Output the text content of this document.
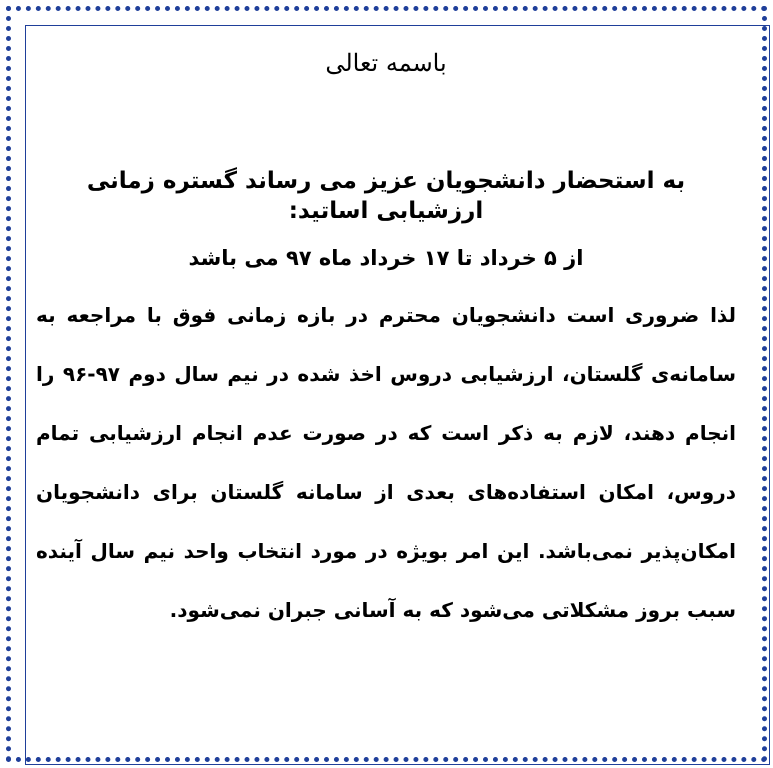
باسمه تعالی

به استحضار دانشجویان عزیز می رساند گستره زمانی ارزشیابی اساتید:

از ۵ خرداد تا ۱۷ خرداد ماه ۹۷ می باشد

لذا ضروری است دانشجویان محترم در بازه زمانی فوق با مراجعه به سامانه‌ی گلستان، ارزشیابی دروس اخذ شده در نیم سال دوم ۹۷-۹۶ را انجام دهند، لازم به ذکر است که در صورت عدم انجام ارزشیابی تمام دروس، امکان استفاده‌های بعدی از سامانه گلستان برای دانشجویان امکان‌پذیر نمی‌باشد. این امر بویژه در مورد انتخاب واحد نیم سال آینده سبب بروز مشکلاتی می‌شود که به آسانی جبران نمی‌شود.
